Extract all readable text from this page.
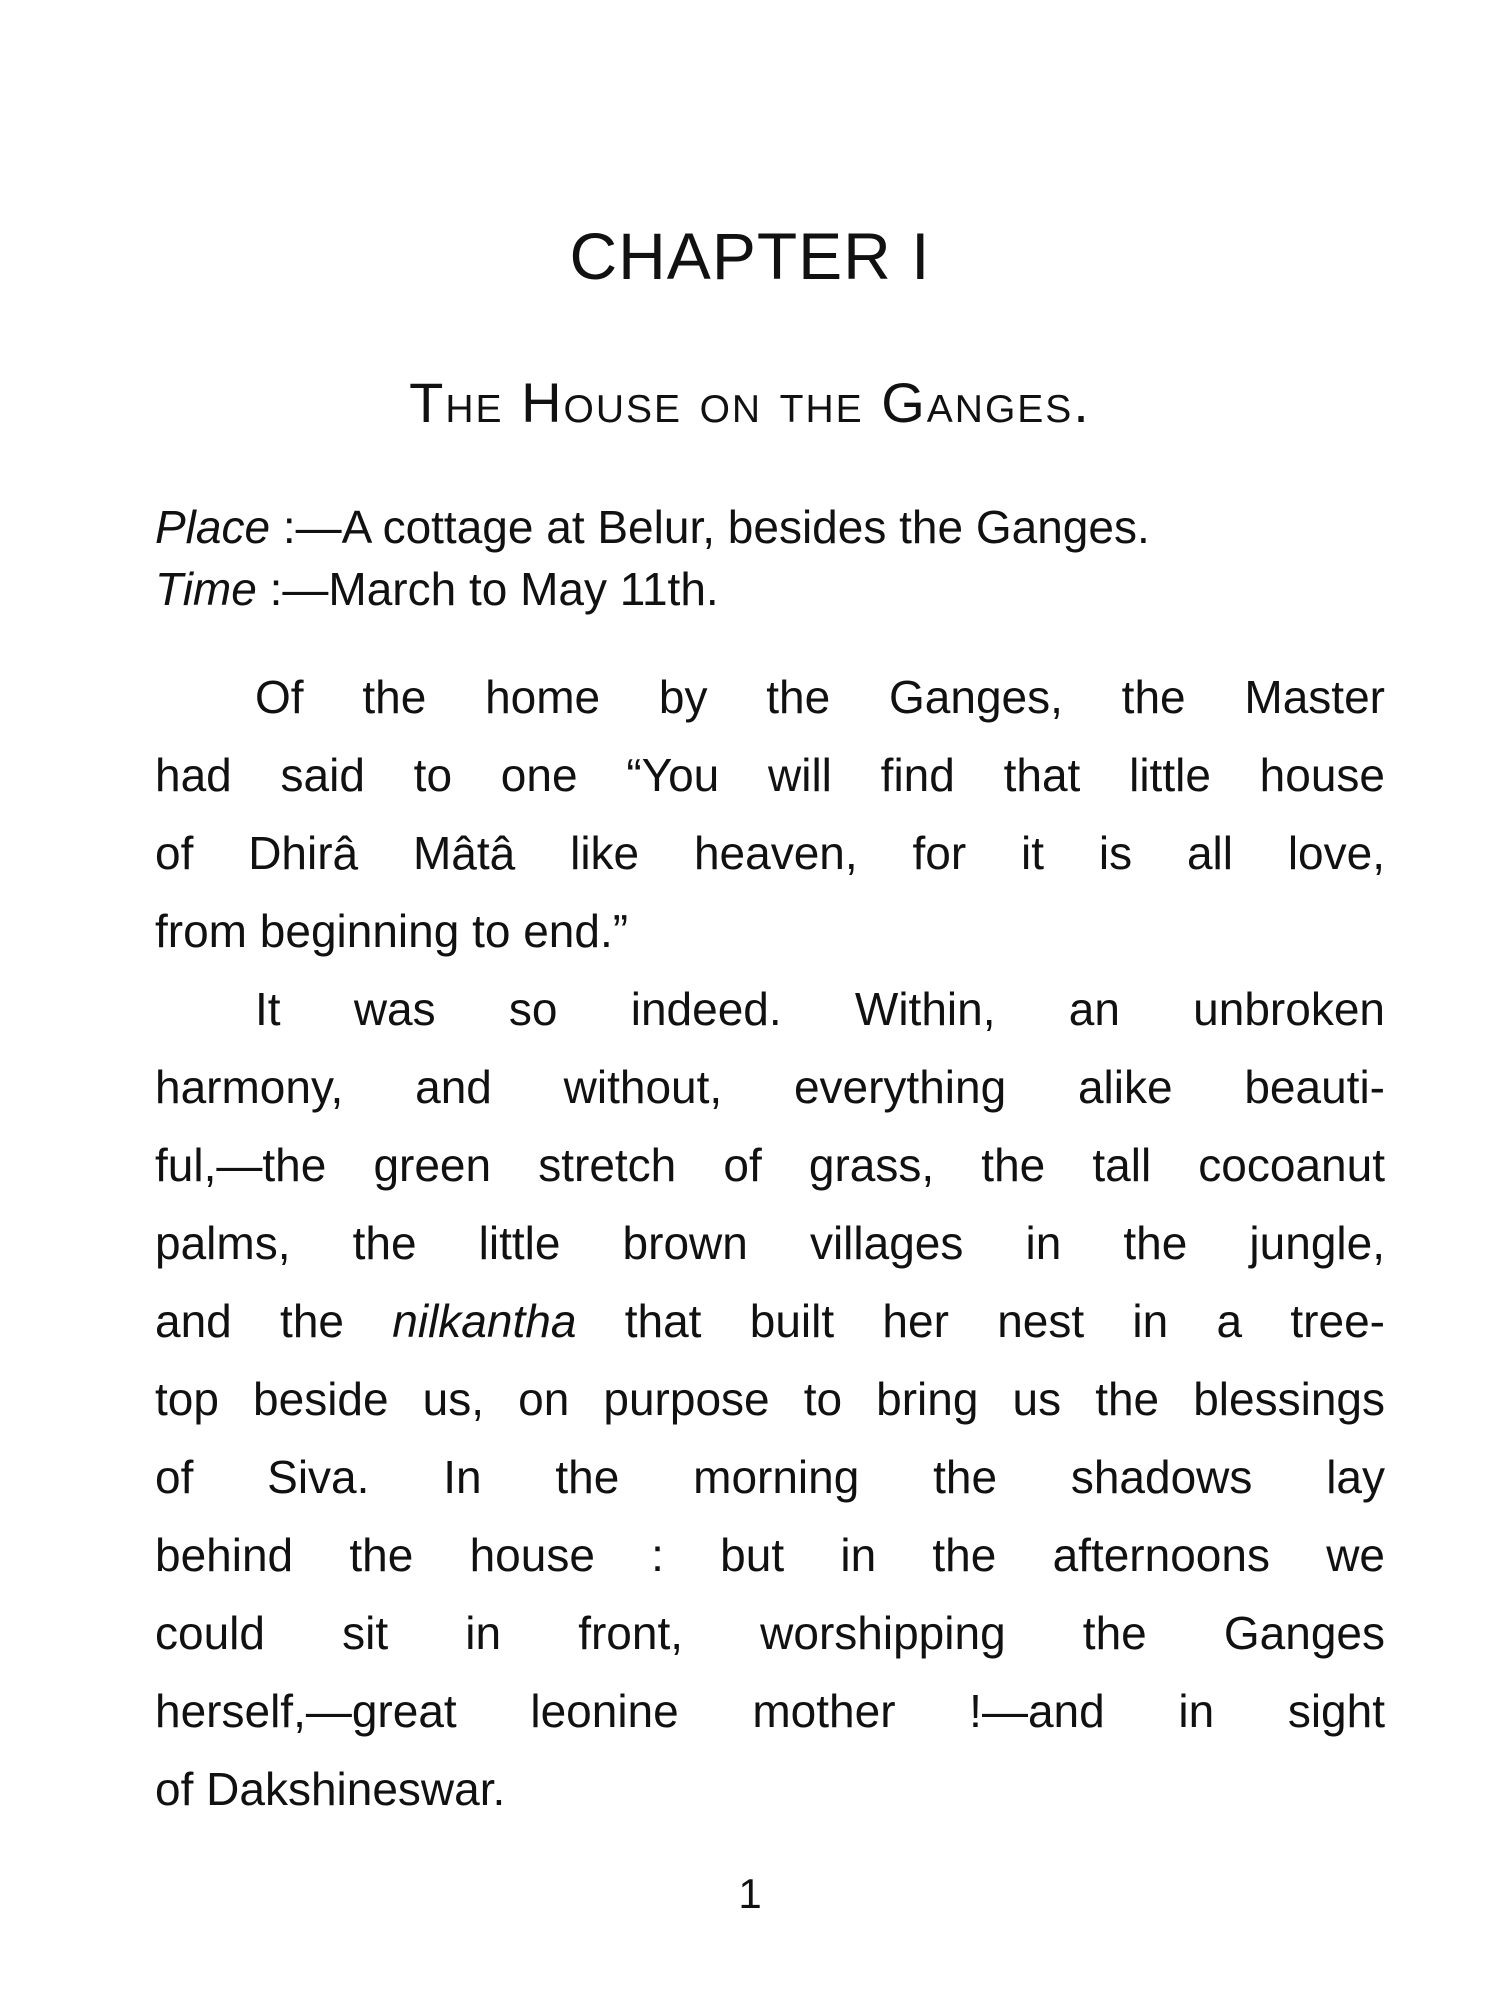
CHAPTER I
The House on the Ganges.
Place :—A cottage at Belur, besides the Ganges.
Time :—March to May 11th.
Of the home by the Ganges, the Master
had said to one “You will find that little house
of Dhirâ Mâtâ like heaven, for it is all love,
from beginning to end.”
It was so indeed. Within, an unbroken
harmony, and without, everything alike beauti-
ful,—the green stretch of grass, the tall cocoanut
palms, the little brown villages in the jungle,
and the nilkantha that built her nest in a tree-
top beside us, on purpose to bring us the blessings
of Siva. In the morning the shadows lay
behind the house : but in the afternoons we
could sit in front, worshipping the Ganges
herself,—great leonine mother !—and in sight
of Dakshineswar.
1
